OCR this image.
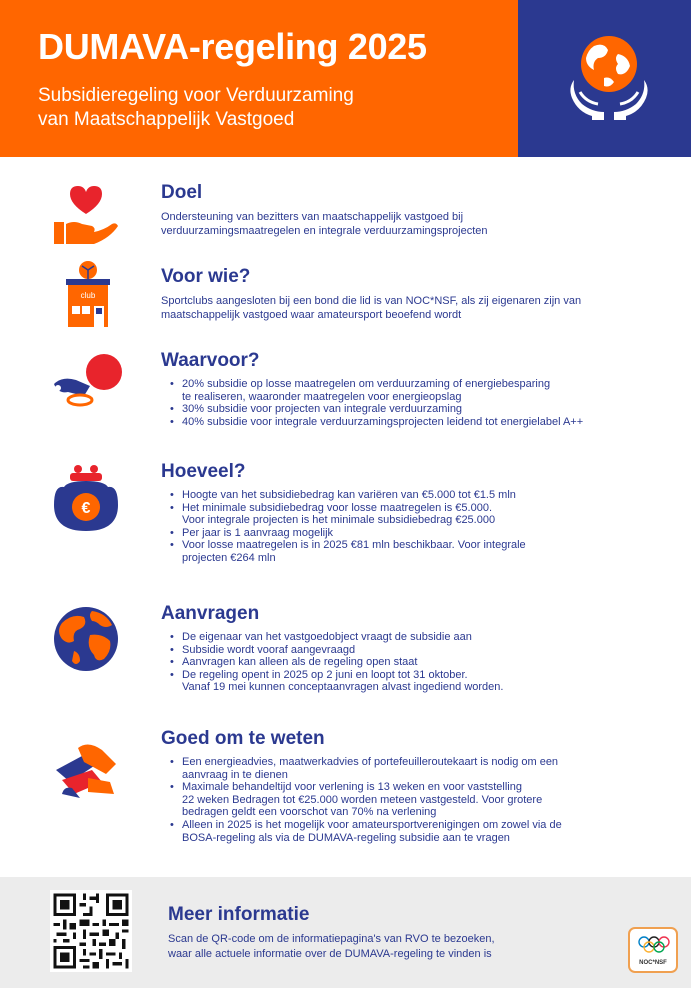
DUMAVA-regeling 2025
Subsidieregeling voor Verduurzaming
van Maatschappelijk Vastgoed
Doel
Ondersteuning van bezitters van maatschappelijk vastgoed bij
verduurzamingsmaatregelen en integrale verduurzamingsprojecten
club
Voor wie?
Sportclubs aangesloten bij een bond die lid is van NOC*NSF, als zij eigenaren zijn van
maatschappelijk vastgoed waar amateursport beoefend wordt
Waarvoor?
• 20% subsidie op losse maatregelen om verduurzaming of energiebesparing
te realiseren, waaronder maatregelen voor energieopslag
• 30% subsidie voor projecten van integrale verduurzaming
• 40% subsidie voor integrale verduurzamingsprojecten leidend tot energielabel A++
€
Hoeveel?
• Hoogte van het subsidiebedrag kan variëren van €5.000 tot €1.5 mln
• Het minimale subsidiebedrag voor losse maatregelen is €5.000.
Voor integrale projecten is het minimale subsidiebedrag €25.000
• Per jaar is 1 aanvraag mogelijk
• Voor losse maatregelen is in 2025 €81 mln beschikbaar. Voor integrale
projecten €264 mln
Aanvragen
• De eigenaar van het vastgoedobject vraagt de subsidie aan
• Subsidie wordt vooraf aangevraagd
• Aanvragen kan alleen als de regeling open staat
• De regeling opent in 2025 op 2 juni en loopt tot 31 oktober.
Vanaf 19 mei kunnen conceptaanvragen alvast ingediend worden.
Goed om te weten
• Een energieadvies, maatwerkadvies of portefeuilleroutekaart is nodig om een
aanvraag in te dienen
• Maximale behandeltijd voor verlening is 13 weken en voor vaststelling
22 weken Bedragen tot €25.000 worden meteen vastgesteld. Voor grotere
bedragen geldt een voorschot van 70% na verlening
• Alleen in 2025 is het mogelijk voor amateursportverenigingen om zowel via de
BOSA-regeling als via de DUMAVA-regeling subsidie aan te vragen
Meer informatie
Scan de QR-code om de informatiepagina's van RVO te bezoeken,
waar alle actuele informatie over de DUMAVA-regeling te vinden is
NOC*NSF
